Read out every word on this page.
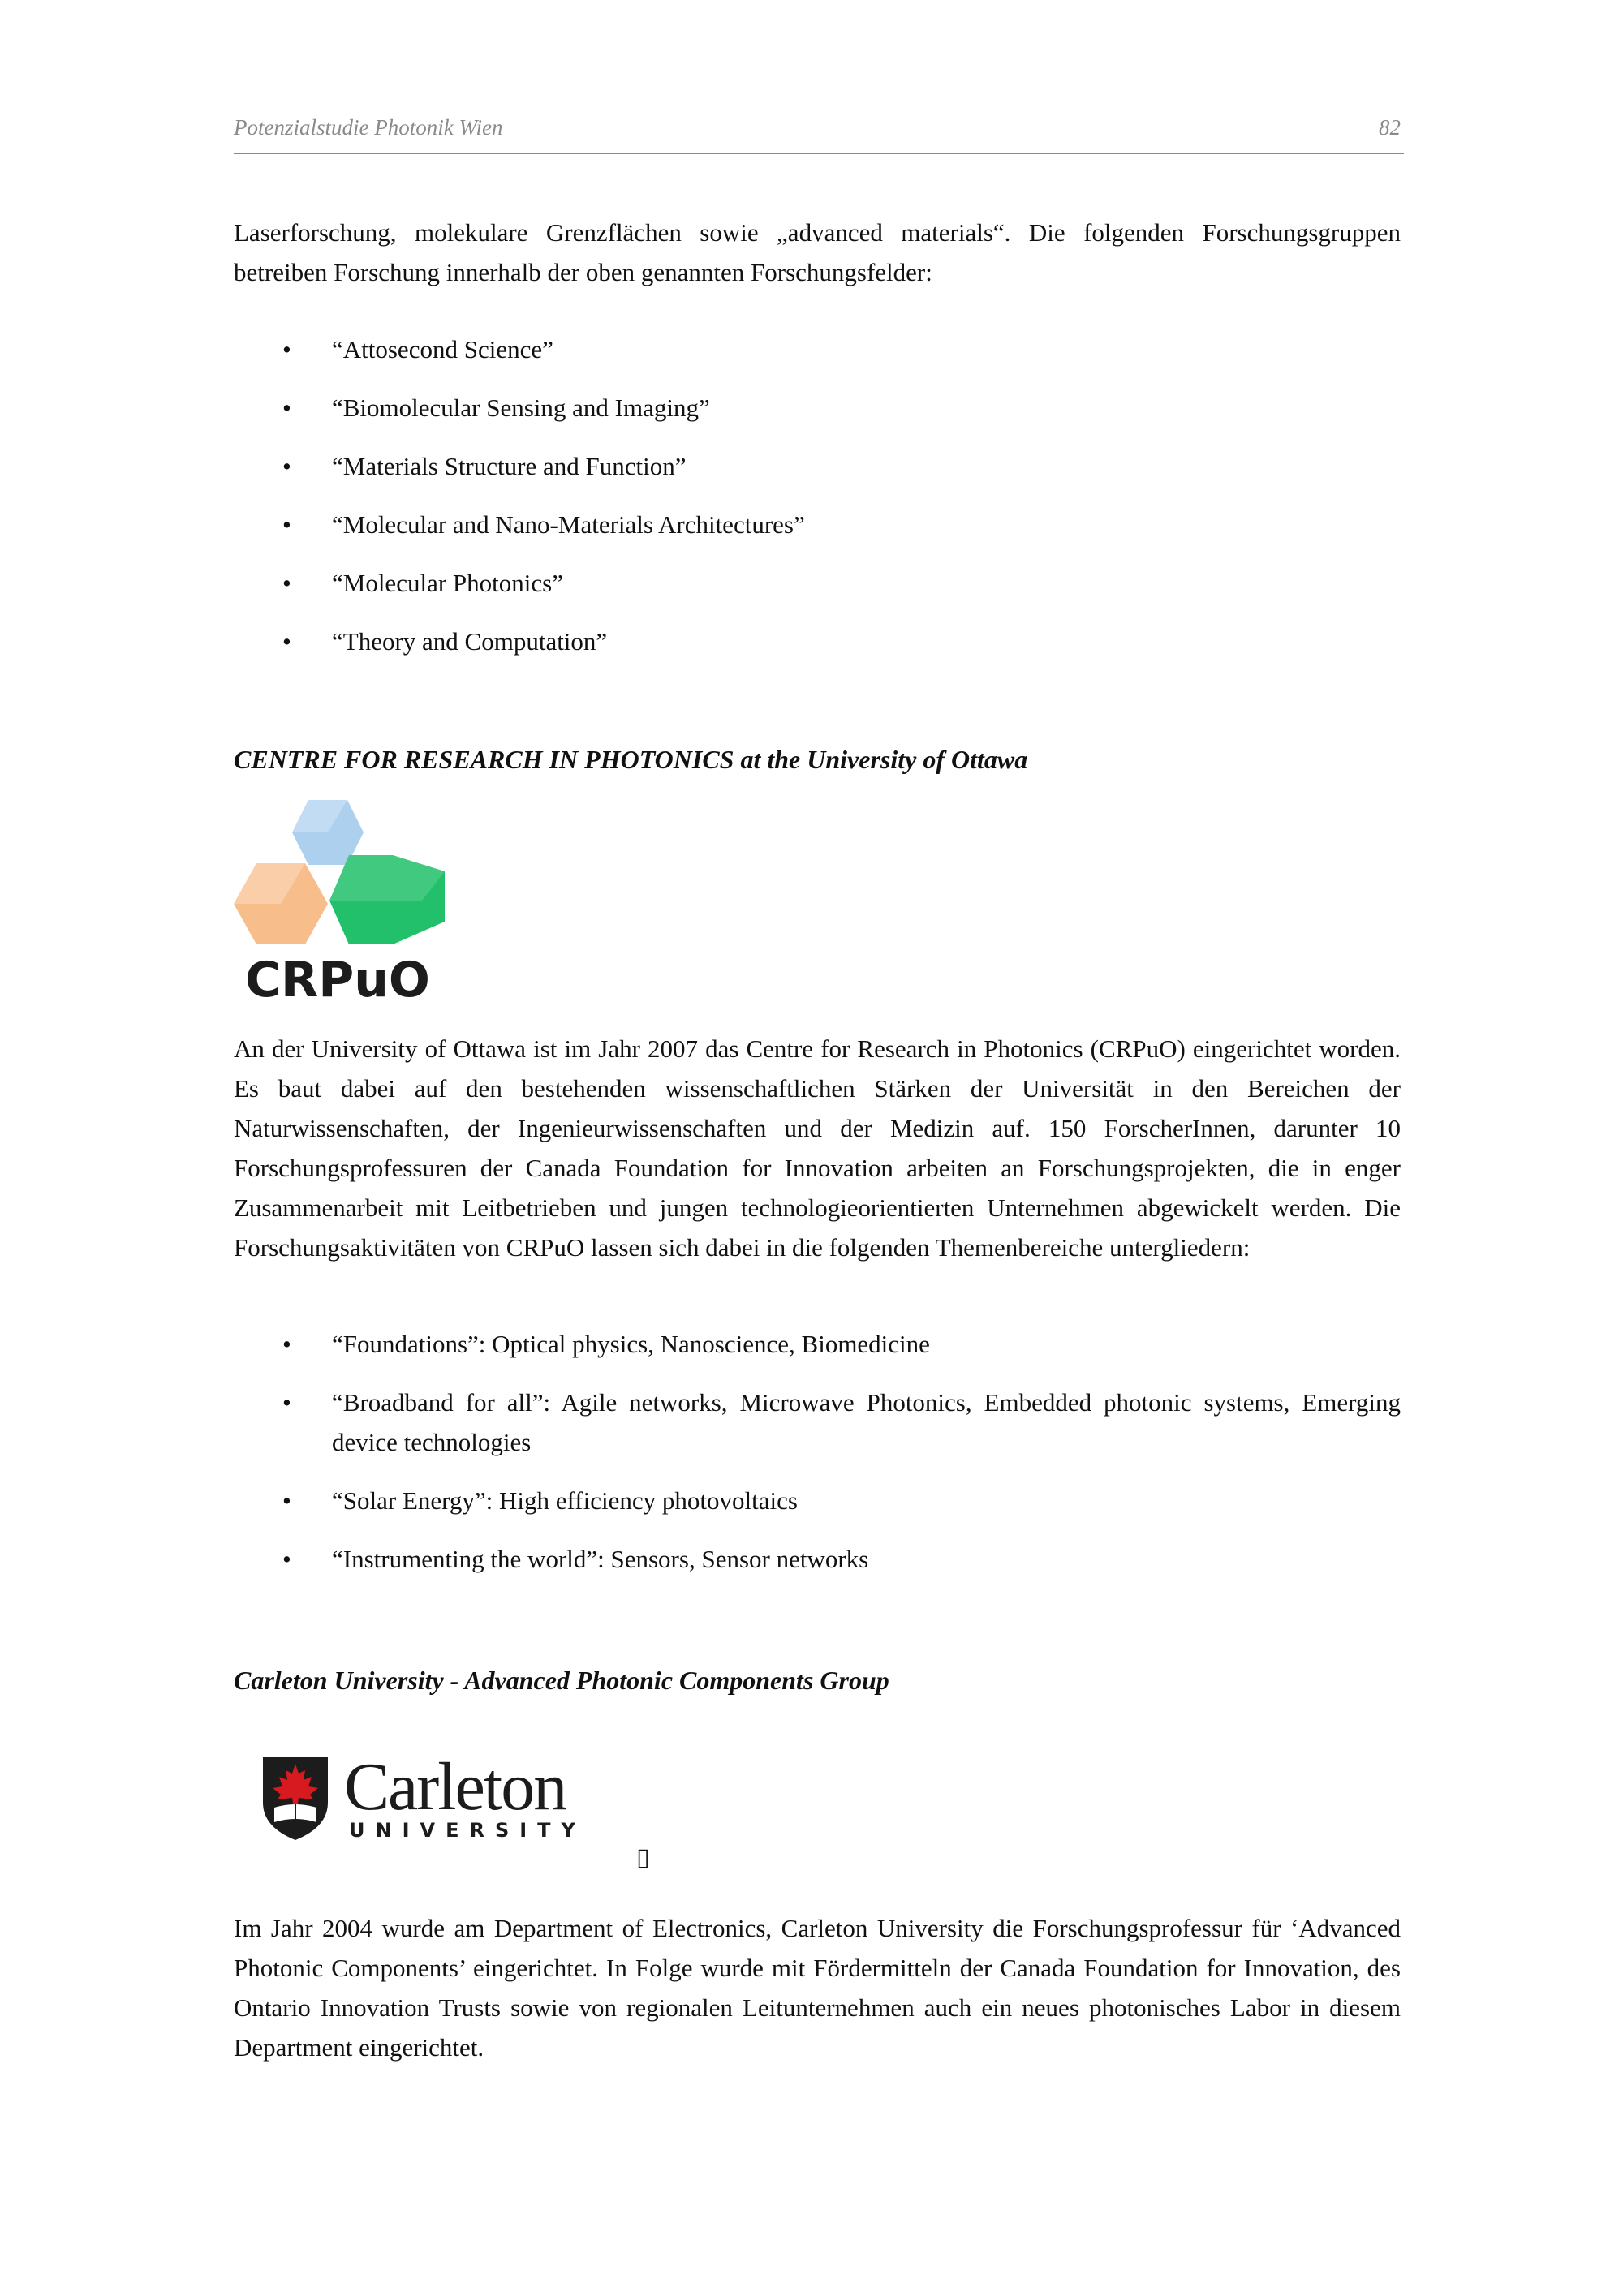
Potenzialstudie Photonik Wien	82

Laserforschung, molekulare Grenzflächen sowie „advanced materials“. Die folgenden Forschungsgruppen betreiben Forschung innerhalb der oben genannten Forschungsfelder:

• “Attosecond Science”
• “Biomolecular Sensing and Imaging”
• “Materials Structure and Function”
• “Molecular and Nano-Materials Architectures”
• “Molecular Photonics”
• “Theory and Computation”
CENTRE FOR RESEARCH IN PHOTONICS at the University of Ottawa
CRPuO

An der University of Ottawa ist im Jahr 2007 das Centre for Research in Photonics (CRPuO) eingerichtet worden. Es baut dabei auf den bestehenden wissenschaftlichen Stärken der Universität in den Bereichen der Naturwissenschaften, der Ingenieurwissenschaften und der Medizin auf. 150 ForscherInnen, darunter 10 Forschungsprofessuren der Canada Foundation for Innovation arbeiten an Forschungsprojekten, die in enger Zusammenarbeit mit Leitbetrieben und jungen technologieorientierten Unternehmen abgewickelt werden. Die Forschungsaktivitäten von CRPuO lassen sich dabei in die folgenden Themenbereiche untergliedern:

• “Foundations”: Optical physics, Nanoscience, Biomedicine
• “Broadband for all”: Agile networks, Microwave Photonics, Embedded photonic systems, Emerging device technologies
• “Solar Energy”: High efficiency photovoltaics
• “Instrumenting the world”: Sensors, Sensor networks
Carleton University - Advanced Photonic Components Group
Carleton
UNIVERSITY
▯

Im Jahr 2004 wurde am Department of Electronics, Carleton University die Forschungsprofessur für ‘Advanced Photonic Components’ eingerichtet. In Folge wurde mit Fördermitteln der Canada Foundation for Innovation, des Ontario Innovation Trusts sowie von regionalen Leitunternehmen auch ein neues photonisches Labor in diesem Department eingerichtet.
